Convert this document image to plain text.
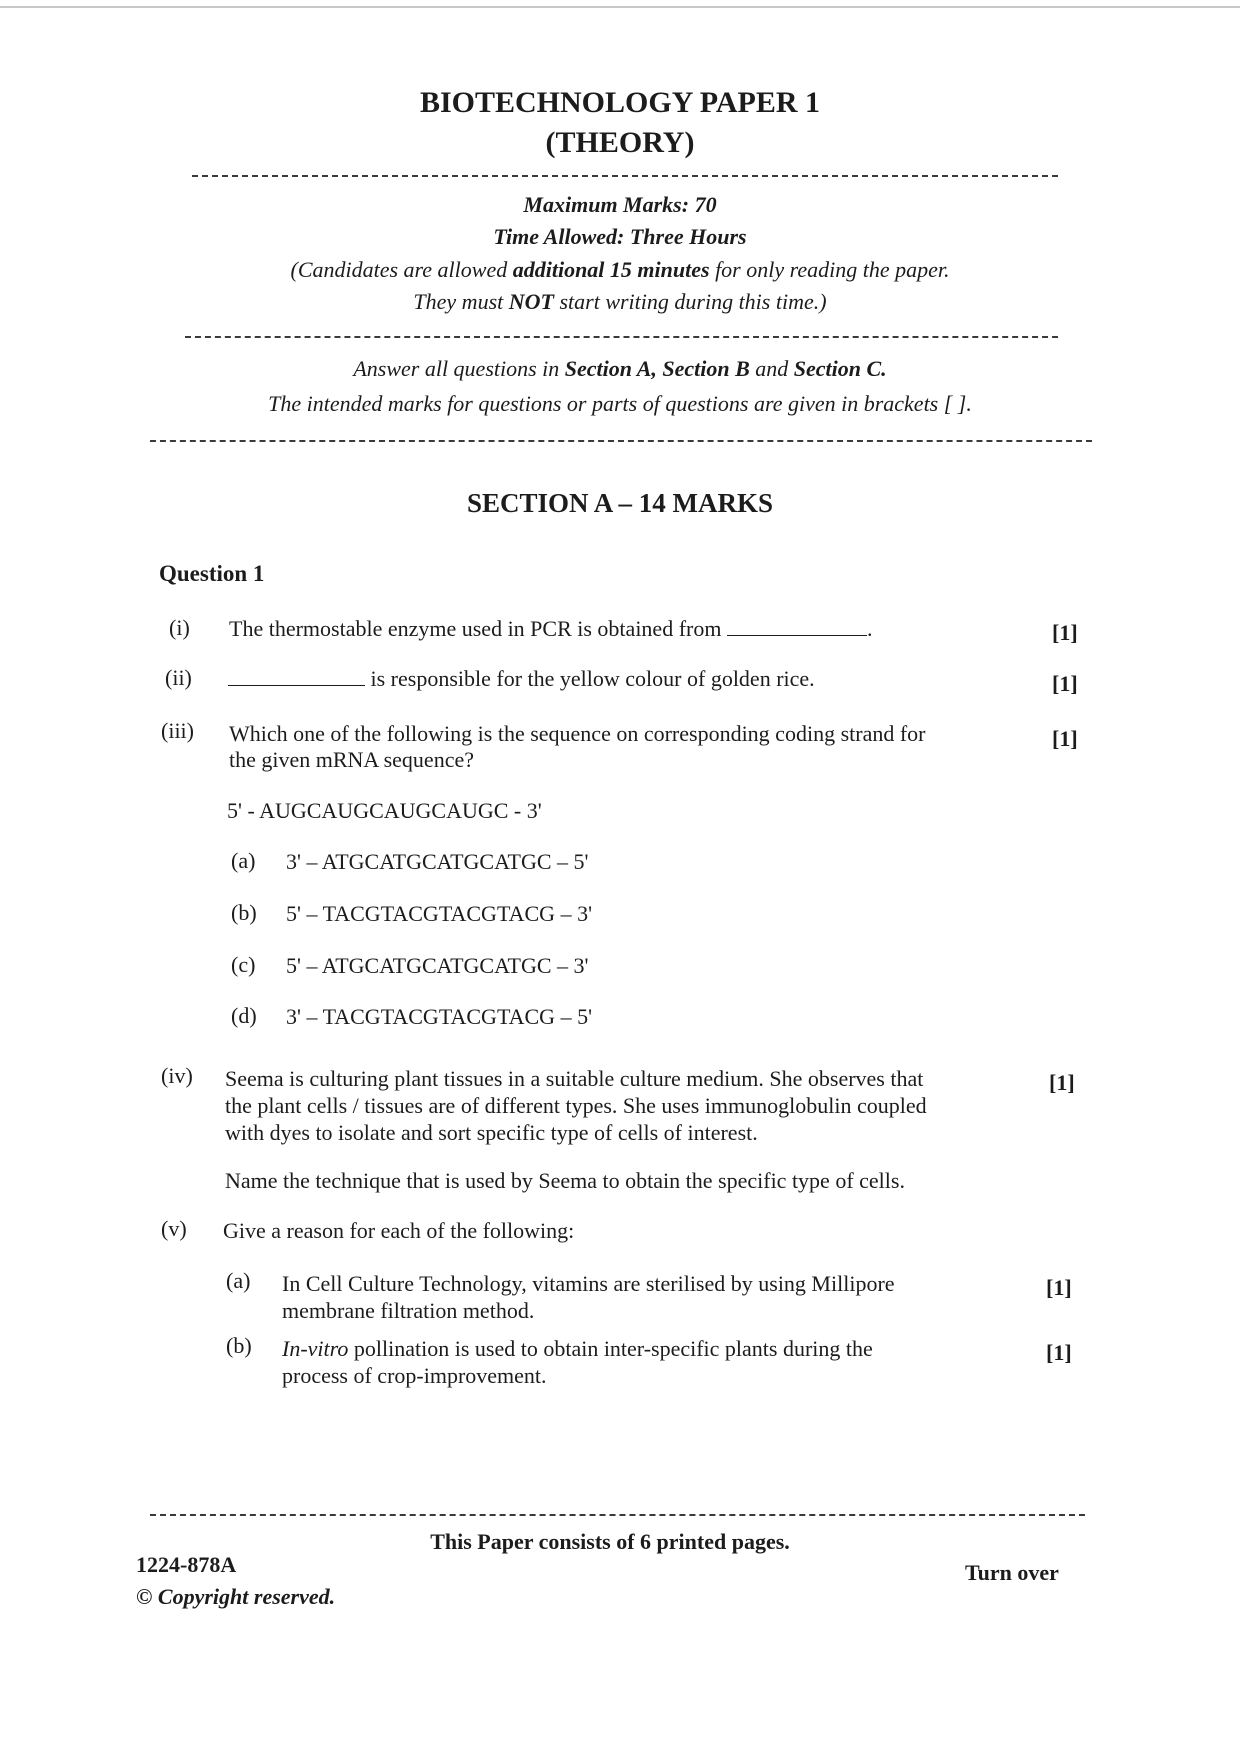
BIOTECHNOLOGY PAPER 1
(THEORY)
Maximum Marks: 70
Time Allowed: Three Hours
(Candidates are allowed additional 15 minutes for only reading the paper.
They must NOT start writing during this time.)
Answer all questions in Section A, Section B and Section C.
The intended marks for questions or parts of questions are given in brackets [ ].
SECTION A – 14 MARKS
Question 1
(i) The thermostable enzyme used in PCR is obtained from	.	[1]
(ii)	is responsible for the yellow colour of golden rice.	[1]
(iii) Which one of the following is the sequence on corresponding coding strand for
the given mRNA sequence?
[1]
5' - AUGCAUGCAUGCAUGC - 3'
(a) 3' – ATGCATGCATGCATGC – 5'
(b) 5' – TACGTACGTACGTACG – 3'
(c) 5' – ATGCATGCATGCATGC – 3'
(d) 3' – TACGTACGTACGTACG – 5'
(iv) Seema is culturing plant tissues in a suitable culture medium. She observes that
the plant cells / tissues are of different types. She uses immunoglobulin coupled
with dyes to isolate and sort specific type of cells of interest.
[1]
Name the technique that is used by Seema to obtain the specific type of cells.
(v) Give a reason for each of the following:
(a) In Cell Culture Technology, vitamins are sterilised by using Millipore
membrane filtration method.
[1]
(b) In-vitro pollination is used to obtain inter-specific plants during the
process of crop-improvement.
[1]
This Paper consists of 6 printed pages.
1224-878A
© Copyright reserved.
Turn over
